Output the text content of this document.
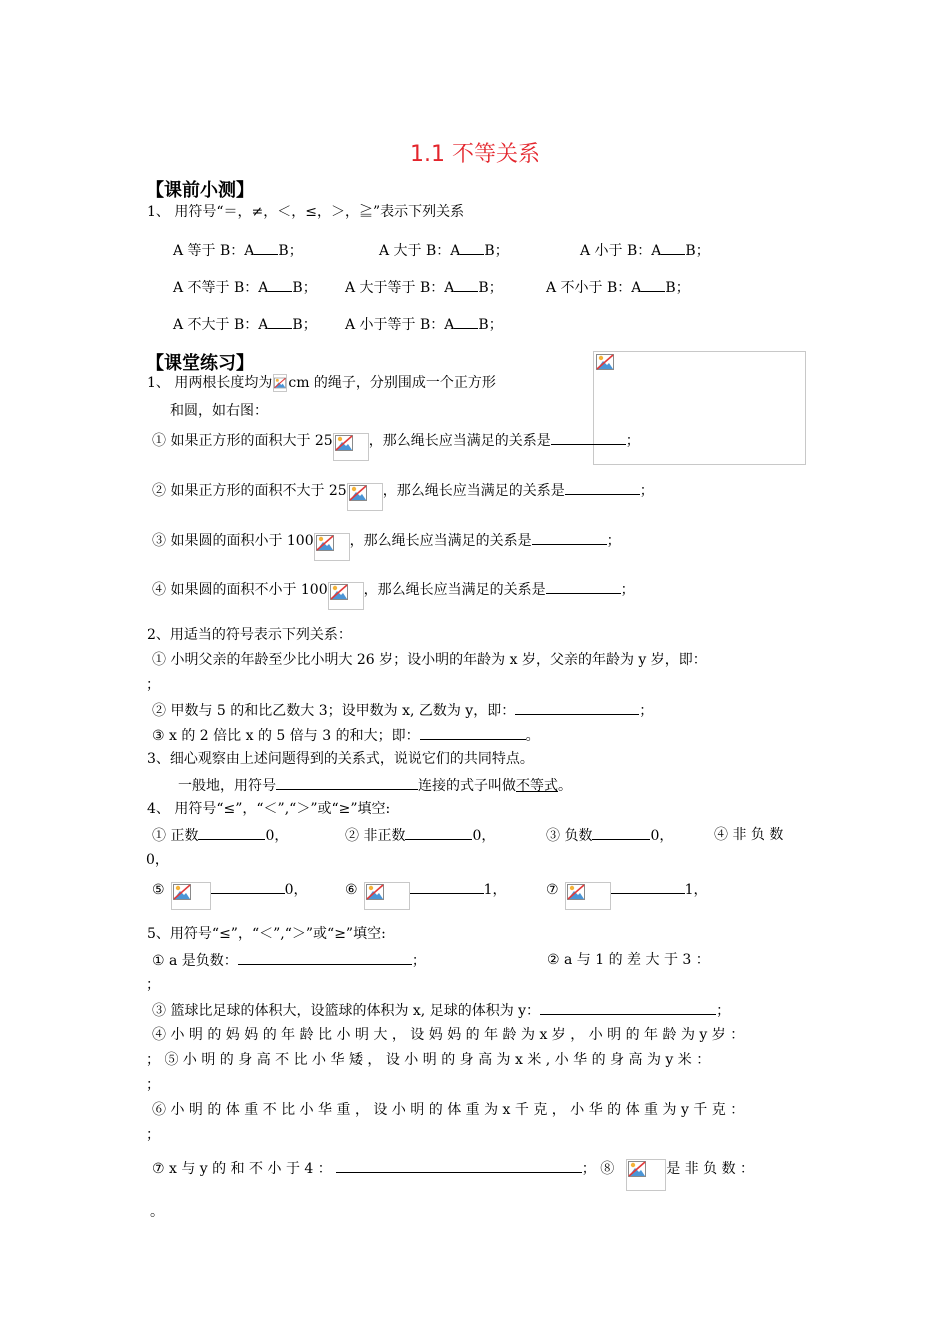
1.1 不等关系
【课前小测】
1、 用符号“＝，≠，＜，≤，＞，≧”表示下列关系
A 等于 B：A B；	A 大于 B：A B；	A 小于 B：A B；
A 不等于 B：A B； A 大于等于 B：A B；	A 不小于 B：A B；
A 不大于 B：A B； A 小于等于 B：A B；
【课堂练习】
1、 用两根长度均为 cm 的绳子，分别围成一个正方形
和圆，如右图：
① 如果正方形的面积大于 25	，那么绳长应当满足的关系是	；
② 如果正方形的面积不大于 25	，那么绳长应当满足的关系是	；
③ 如果圆的面积小于 100	，那么绳长应当满足的关系是	；
④ 如果圆的面积不小于 100	，那么绳长应当满足的关系是	；
2、用适当的符号表示下列关系：
① 小明父亲的年龄至少比小明大 26 岁；设小明的年龄为 x 岁，父亲的年龄为 y 岁，即：
；
② 甲数与 5 的和比乙数大 3；设甲数为 x, 乙数为 y，即：	；
③ x 的 2 倍比 x 的 5 倍与 3 的和大；即：	。
3、细心观察由上述问题得到的关系式，说说它们的共同特点。
一般地，用符号	连接的式子叫做不等式。
4、 用符号“≤”，“＜”,“＞”或“≥”填空:
① 正数	0，	② 非正数	0，	③ 负数	0，	④ 非 负 数
0，
⑤	0，	⑥	1，	⑦	1，
5、用符号“≤”，“＜”,“＞”或“≥”填空:
① a 是负数：	；	② a 与 1 的 差 大 于 3 ：
；
③ 篮球比足球的体积大，设篮球的体积为 x, 足球的体积为 y：	；
④ 小 明 的 妈 妈 的 年 龄 比 小 明 大 ， 设 妈 妈 的 年 龄 为 x 岁 ， 小 明 的 年 龄 为 y 岁 ：
； ⑤ 小 明 的 身 高 不 比 小 华 矮 ， 设 小 明 的 身 高 为 x 米 , 小 华 的 身 高 为 y 米 ：
；
⑥ 小 明 的 体 重 不 比 小 华 重 ， 设 小 明 的 体 重 为 x 千 克 ， 小 华 的 体 重 为 y 千 克 ：
；
⑦ x 与 y 的 和 不 小 于 4 ：	； ⑧	是 非 负 数 ：
。
